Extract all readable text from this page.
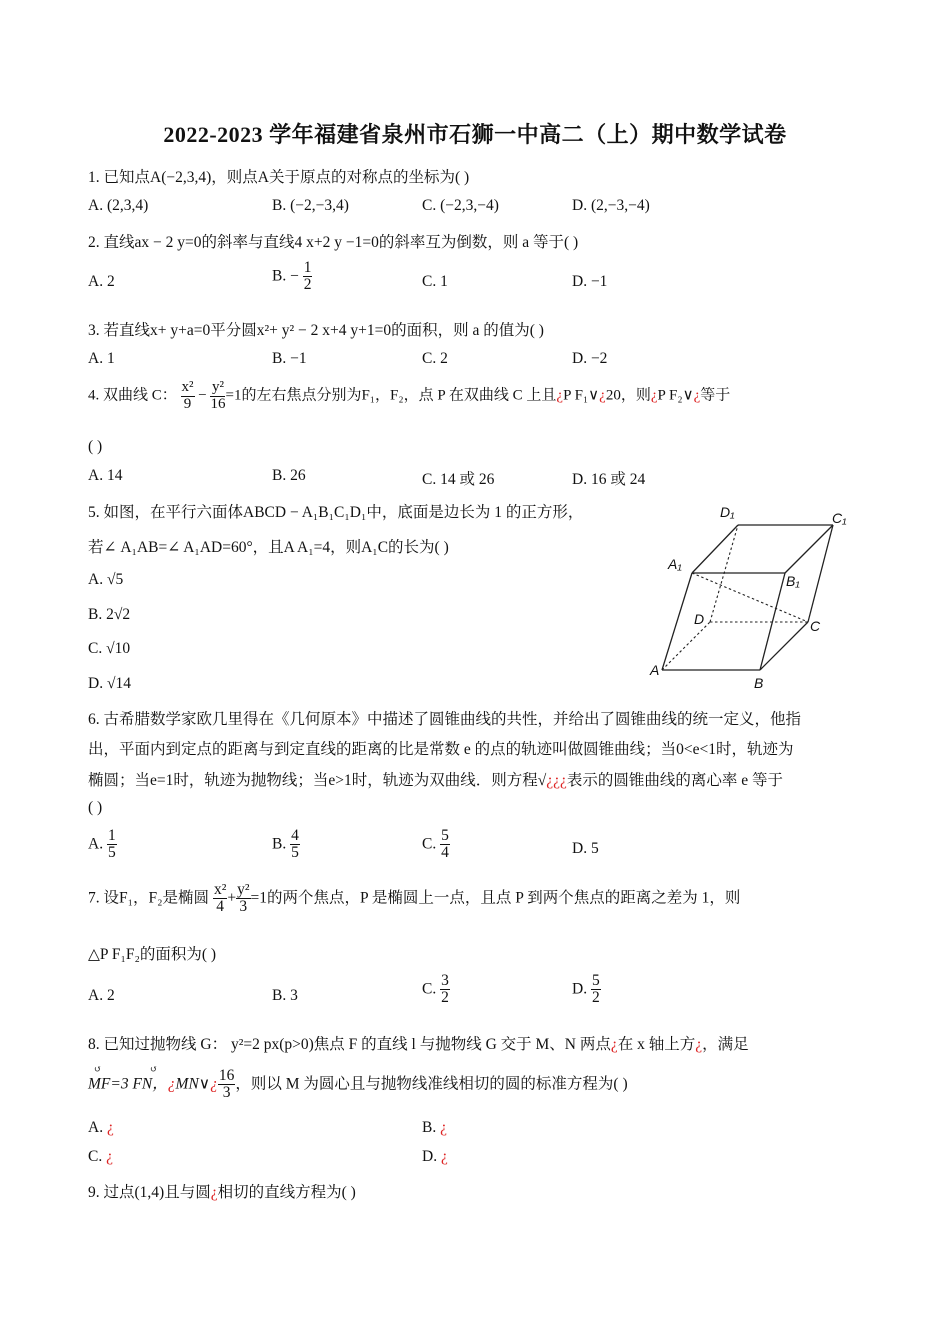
2022-2023 学年福建省泉州市石狮一中高二（上）期中数学试卷
1. 已知点A(−2,3,4)，则点A关于原点的对称点的坐标为( )
A. (2,3,4)	B. (−2,−3,4)	C. (−2,3,−4)	D. (2,−3,−4)
2. 直线ax − 2 y=0的斜率与直线4 x+2 y −1=0的斜率互为倒数，则 a 等于( )
A. 2	B. − $\frac{1}{2}$	C. 1	D. −1
3. 若直线x+ y+a=0平分圆x²+ y² − 2 x+4 y+1=0的面积，则 a 的值为( )
A. 1	B. −1	C. 2	D. −2
4. 双曲线 C： $\frac{\text{x²}}{9} - \frac{\text{y²}}{16} =1$的左右焦点分别为F₁，F₂，点 P 在双曲线 C 上且¿P F₁∨¿20，则¿P F₂∨¿等于
( )
A. 14	B. 26	C. 14 或 26	D. 16 或 24
5. 如图，在平行六面体ABCD − A₁B₁C₁D₁中，底面是边长为 1 的正方形，
若∠ A₁AB=∠ A₁AD=60°，且A A₁=4，则A₁C的长为( )
A. √5
B. 2√2
C. √10
D. √14
D₁	C₁
A₁
B₁
D	C
A
B
6. 古希腊数学家欧几里得在《几何原本》中描述了圆锥曲线的共性，并给出了圆锥曲线的统一定义，他指
出，平面内到定点的距离与到定直线的距离的比是常数 e 的点的轨迹叫做圆锥曲线；当0<e<1时，轨迹为
椭圆；当e=1时，轨迹为抛物线；当e>1时，轨迹为双曲线．则方程√¿¿¿表示的圆锥曲线的离心率 e 等于
( )
A. $\frac{1}{5}$	B. $\frac{4}{5}$	C. $\frac{5}{4}$	D. 5
7. 设F₁，F₂是椭圆 $\frac{\text{x²}}{4} + \frac{\text{y²}}{3} =1$的两个焦点，P 是椭圆上一点，且点 P 到两个焦点的距离之差为 1，则
△P F₁F₂的面积为( )
A. 2	B. 3	C. $\frac{3}{2}$	D. $\frac{5}{2}$
8. 已知过抛物线 G： y²=2 px(p>0)焦点 F 的直线 l 与抛物线 G 交于 M、N 两点¿在 x 轴上方¿，满足
↺	↺
MF=3 FN，¿MN∨¿ $\frac{16}{3}$ ，则以 M 为圆心且与抛物线准线相切的圆的标准方程为( )
A. ¿	B. ¿
C. ¿	D. ¿
9. 过点(1,4)且与圆¿相切的直线方程为( )
